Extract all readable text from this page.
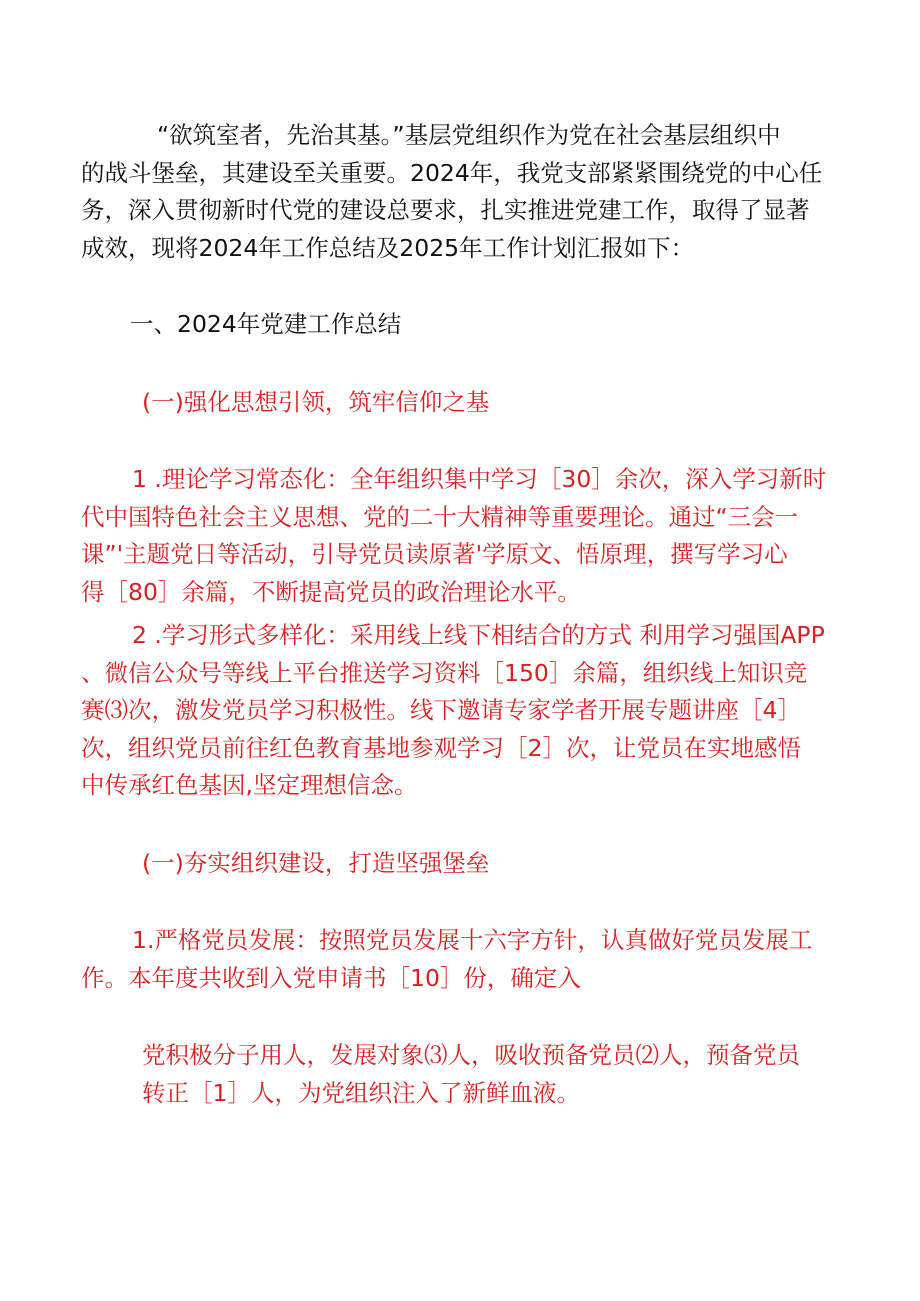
“欲筑室者，先治其基。”基层党组织作为党在社会基层组织中
的战斗堡垒，其建设至关重要。2024年，我党支部紧紧围绕党的中心任
务，深入贯彻新时代党的建设总要求，扎实推进党建工作，取得了显著
成效，现将2024年工作总结及2025年工作计划汇报如下：
一、2024年党建工作总结
(一)强化思想引领，筑牢信仰之基
1 .理论学习常态化：全年组织集中学习［30］余次，深入学习新时
代中国特色社会主义思想、党的二十大精神等重要理论。通过“三会一
课”'主题党日等活动，引导党员读原著'学原文、悟原理，撰写学习心
得［80］余篇，不断提高党员的政治理论水平。
2 .学习形式多样化：采用线上线下相结合的方式 利用学习强国APP
、微信公众号等线上平台推送学习资料［150］余篇，组织线上知识竞
赛⑶次，激发党员学习积极性。线下邀请专家学者开展专题讲座［4］
次，组织党员前往红色教育基地参观学习［2］次，让党员在实地感悟
中传承红色基因,坚定理想信念。
(一)夯实组织建设，打造坚强堡垒
1.严格党员发展：按照党员发展十六字方针，认真做好党员发展工
作。本年度共收到入党申请书［10］份，确定入
党积极分子用人，发展对象⑶人，吸收预备党员⑵人，预备党员
转正［1］人，为党组织注入了新鲜血液。
